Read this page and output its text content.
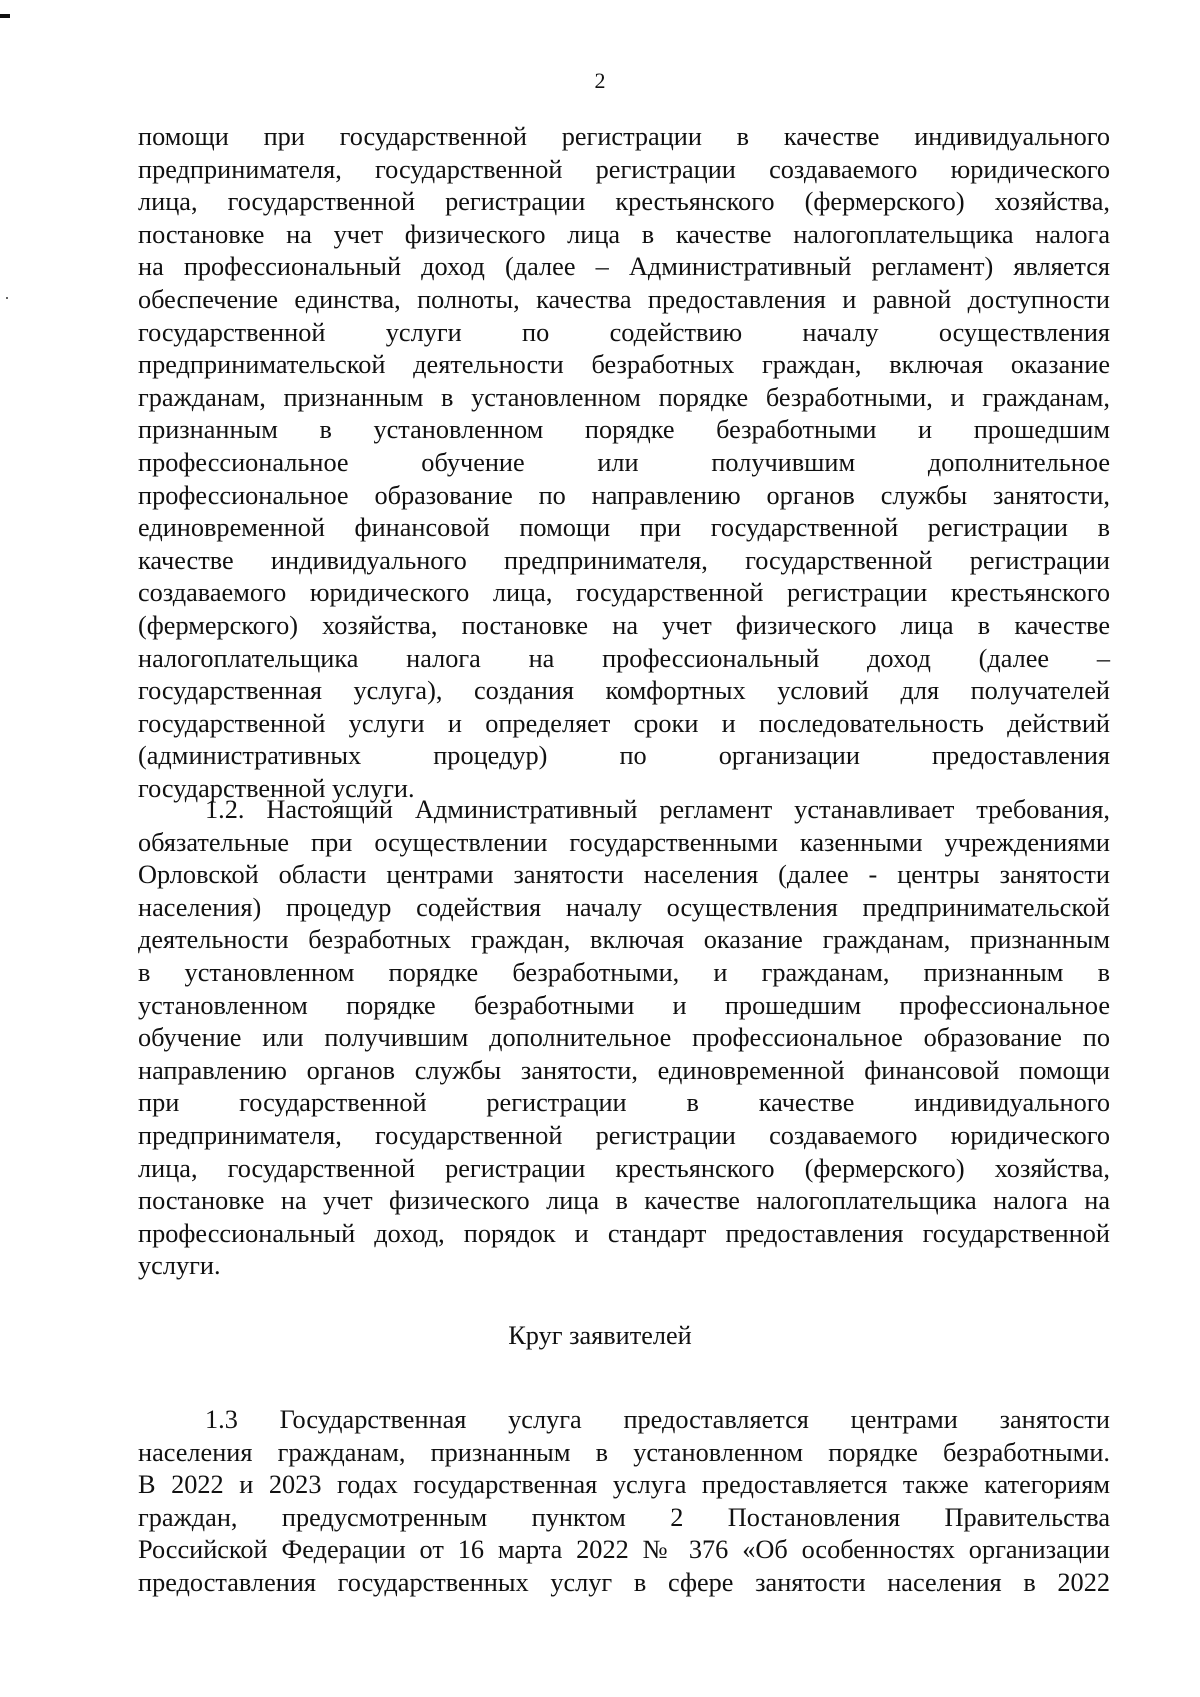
2
помощи при государственной регистрации в качестве индивидуального
предпринимателя, государственной регистрации создаваемого юридического
лица, государственной регистрации крестьянского (фермерского) хозяйства,
постановке на учет физического лица в качестве налогоплательщика налога
на профессиональный доход (далее – Административный регламент) является
обеспечение единства, полноты, качества предоставления и равной доступности
государственной услуги по содействию началу осуществления
предпринимательской деятельности безработных граждан, включая оказание
гражданам, признанным в установленном порядке безработными, и гражданам,
признанным в установленном порядке безработными и прошедшим
профессиональное обучение или получившим дополнительное
профессиональное образование по направлению органов службы занятости,
единовременной финансовой помощи при государственной регистрации в
качестве индивидуального предпринимателя, государственной регистрации
создаваемого юридического лица, государственной регистрации крестьянского
(фермерского) хозяйства, постановке на учет физического лица в качестве
налогоплательщика налога на профессиональный доход (далее –
государственная услуга), создания комфортных условий для получателей
государственной услуги и определяет сроки и последовательность действий
(административных процедур) по организации предоставления
государственной услуги.
1.2. Настоящий Административный регламент устанавливает требования,
обязательные при осуществлении государственными казенными учреждениями
Орловской области центрами занятости населения (далее - центры занятости
населения) процедур содействия началу осуществления предпринимательской
деятельности безработных граждан, включая оказание гражданам, признанным
в установленном порядке безработными, и гражданам, признанным в
установленном порядке безработными и прошедшим профессиональное
обучение или получившим дополнительное профессиональное образование по
направлению органов службы занятости, единовременной финансовой помощи
при государственной регистрации в качестве индивидуального
предпринимателя, государственной регистрации создаваемого юридического
лица, государственной регистрации крестьянского (фермерского) хозяйства,
постановке на учет физического лица в качестве налогоплательщика налога на
профессиональный доход, порядок и стандарт предоставления государственной
услуги.
Круг заявителей
1.3 Государственная услуга предоставляется центрами занятости
населения гражданам, признанным в установленном порядке безработными.
В 2022 и 2023 годах государственная услуга предоставляется также категориям
граждан, предусмотренным пунктом 2 Постановления Правительства
Российской Федерации от 16 марта 2022 № 376 «Об особенностях организации
предоставления государственных услуг в сфере занятости населения в 2022
